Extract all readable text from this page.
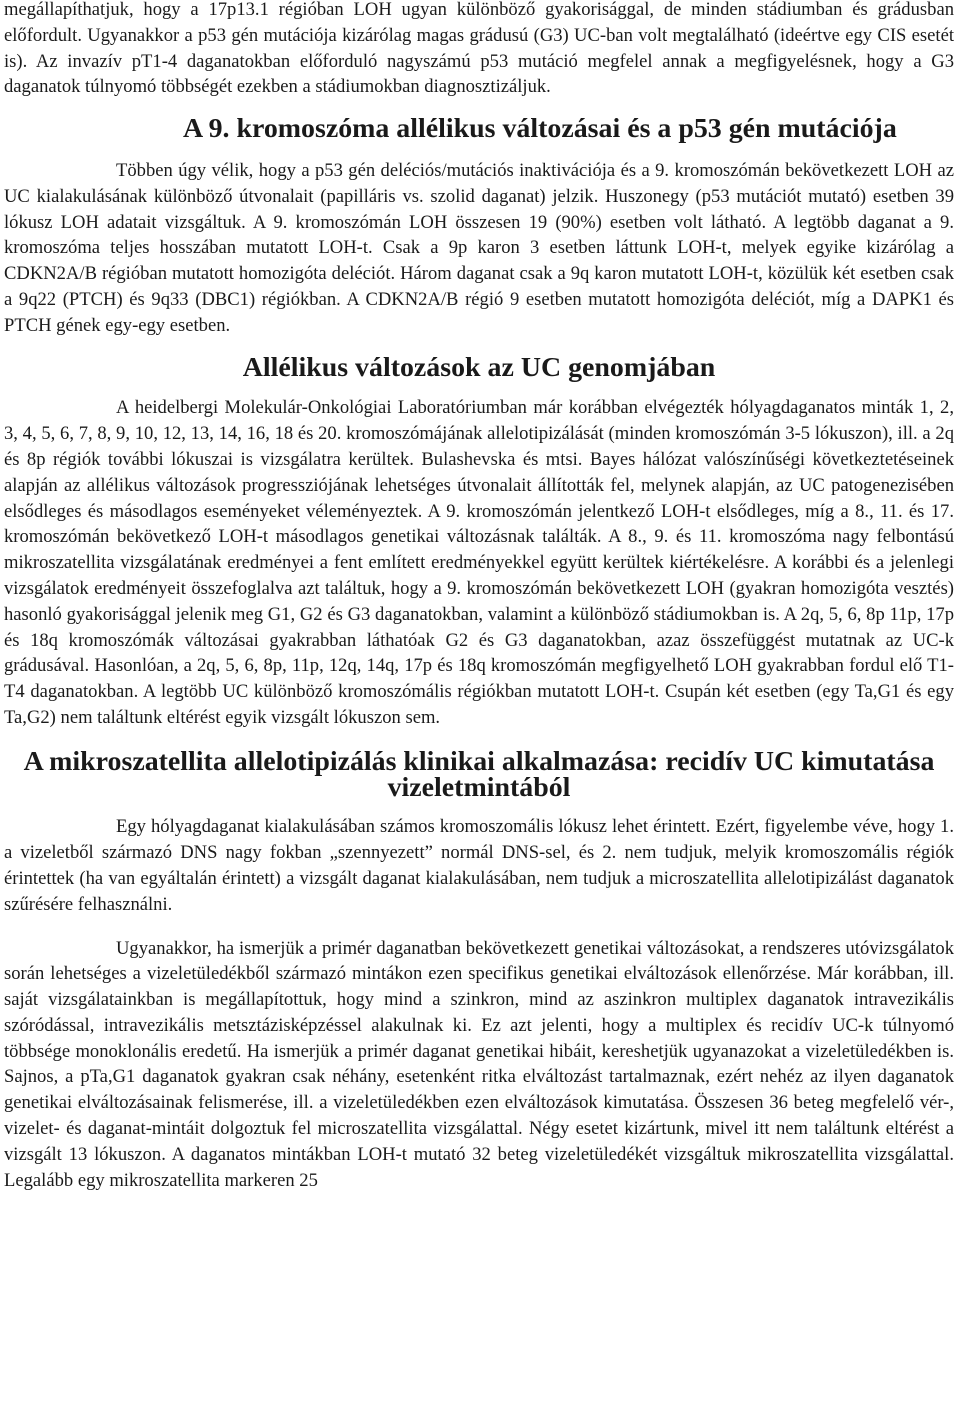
megállapíthatjuk, hogy a 17p13.1 régióban LOH ugyan különböző gyakorisággal, de minden stádiumban és grádusban előfordult. Ugyanakkor a p53 gén mutációja kizárólag magas grádusú (G3) UC-ban volt megtalálható (ideértve egy CIS esetét is). Az invazív pT1-4 daganatokban előforduló nagyszámú p53 mutáció megfelel annak a megfigyelésnek, hogy a G3 daganatok túlnyomó többségét ezekben a stádiumokban diagnosztizáljuk.

A 9. kromoszóma allélikus változásai és a p53 gén mutációja

Többen úgy vélik, hogy a p53 gén deléciós/mutációs inaktivációja és a 9. kromoszómán bekövetkezett LOH az UC kialakulásának különböző útvonalait (papilláris vs. szolid daganat) jelzik. Huszonegy (p53 mutációt mutató) esetben 39 lókusz LOH adatait vizsgáltuk. A 9. kromoszómán LOH összesen 19 (90%) esetben volt látható. A legtöbb daganat a 9. kromoszóma teljes hosszában mutatott LOH-t. Csak a 9p karon 3 esetben láttunk LOH-t, melyek egyike kizárólag a CDKN2A/B régióban mutatott homozigóta deléciót. Három daganat csak a 9q karon mutatott LOH-t, közülük két esetben csak a 9q22 (PTCH) és 9q33 (DBC1) régiókban. A CDKN2A/B régió 9 esetben mutatott homozigóta deléciót, míg a DAPK1 és PTCH gének egy-egy esetben.

Allélikus változások az UC genomjában

A heidelbergi Molekulár-Onkológiai Laboratóriumban már korábban elvégezték hólyagdaganatos minták 1, 2, 3, 4, 5, 6, 7, 8, 9, 10, 12, 13, 14, 16, 18 és 20. kromoszómájának allelotipizálását (minden kromoszómán 3-5 lókuszon), ill. a 2q és 8p régiók további lókuszai is vizsgálatra kerültek. Bulashevska és mtsi. Bayes hálózat valószínűségi következtetéseinek alapján az allélikus változások progressziójának lehetséges útvonalait állították fel, melynek alapján, az UC patogenezisében elsődleges és másodlagos eseményeket véleményeztek. A 9. kromoszómán jelentkező LOH-t elsődleges, míg a 8., 11. és 17. kromoszómán bekövetkező LOH-t másodlagos genetikai változásnak találták. A 8., 9. és 11. kromoszóma nagy felbontású mikroszatellita vizsgálatának eredményei a fent említett eredményekkel együtt kerültek kiértékelésre. A korábbi és a jelenlegi vizsgálatok eredményeit összefoglalva azt találtuk, hogy a 9. kromoszómán bekövetkezett LOH (gyakran homozigóta vesztés) hasonló gyakorisággal jelenik meg G1, G2 és G3 daganatokban, valamint a különböző stádiumokban is. A 2q, 5, 6, 8p 11p, 17p és 18q kromoszómák változásai gyakrabban láthatóak G2 és G3 daganatokban, azaz összefüggést mutatnak az UC-k grádusával. Hasonlóan, a 2q, 5, 6, 8p, 11p, 12q, 14q, 17p és 18q kromoszómán megfigyelhető LOH gyakrabban fordul elő T1-T4 daganatokban. A legtöbb UC különböző kromoszómális régiókban mutatott LOH-t. Csupán két esetben (egy Ta,G1 és egy Ta,G2) nem találtunk eltérést egyik vizsgált lókuszon sem.

A mikroszatellita allelotipizálás klinikai alkalmazása: recidív UC kimutatása vizeletmintából

Egy hólyagdaganat kialakulásában számos kromoszomális lókusz lehet érintett. Ezért, figyelembe véve, hogy 1. a vizeletből származó DNS nagy fokban „szennyezett” normál DNS-sel, és 2. nem tudjuk, melyik kromoszomális régiók érintettek (ha van egyáltalán érintett) a vizsgált daganat kialakulásában, nem tudjuk a microszatellita allelotipizálást daganatok szűrésére felhasználni.

Ugyanakkor, ha ismerjük a primér daganatban bekövetkezett genetikai változásokat, a rendszeres utóvizsgálatok során lehetséges a vizeletüledékből származó mintákon ezen specifikus genetikai elváltozások ellenőrzése. Már korábban, ill. saját vizsgálatainkban is megállapítottuk, hogy mind a szinkron, mind az aszinkron multiplex daganatok intravezikális szóródással, intravezikális metsztázisképzéssel alakulnak ki. Ez azt jelenti, hogy a multiplex és recidív UC-k túlnyomó többsége monoklonális eredetű. Ha ismerjük a primér daganat genetikai hibáit, kereshetjük ugyanazokat a vizeletüledékben is. Sajnos, a pTa,G1 daganatok gyakran csak néhány, esetenként ritka elváltozást tartalmaznak, ezért nehéz az ilyen daganatok genetikai elváltozásainak felismerése, ill. a vizeletüledékben ezen elváltozások kimutatása. Összesen 36 beteg megfelelő vér-, vizelet- és daganat-mintáit dolgoztuk fel microszatellita vizsgálattal. Négy esetet kizártunk, mivel itt nem találtunk eltérést a vizsgált 13 lókuszon. A daganatos mintákban LOH-t mutató 32 beteg vizeletüledékét vizsgáltuk mikroszatellita vizsgálattal. Legalább egy mikroszatellita markeren 25
